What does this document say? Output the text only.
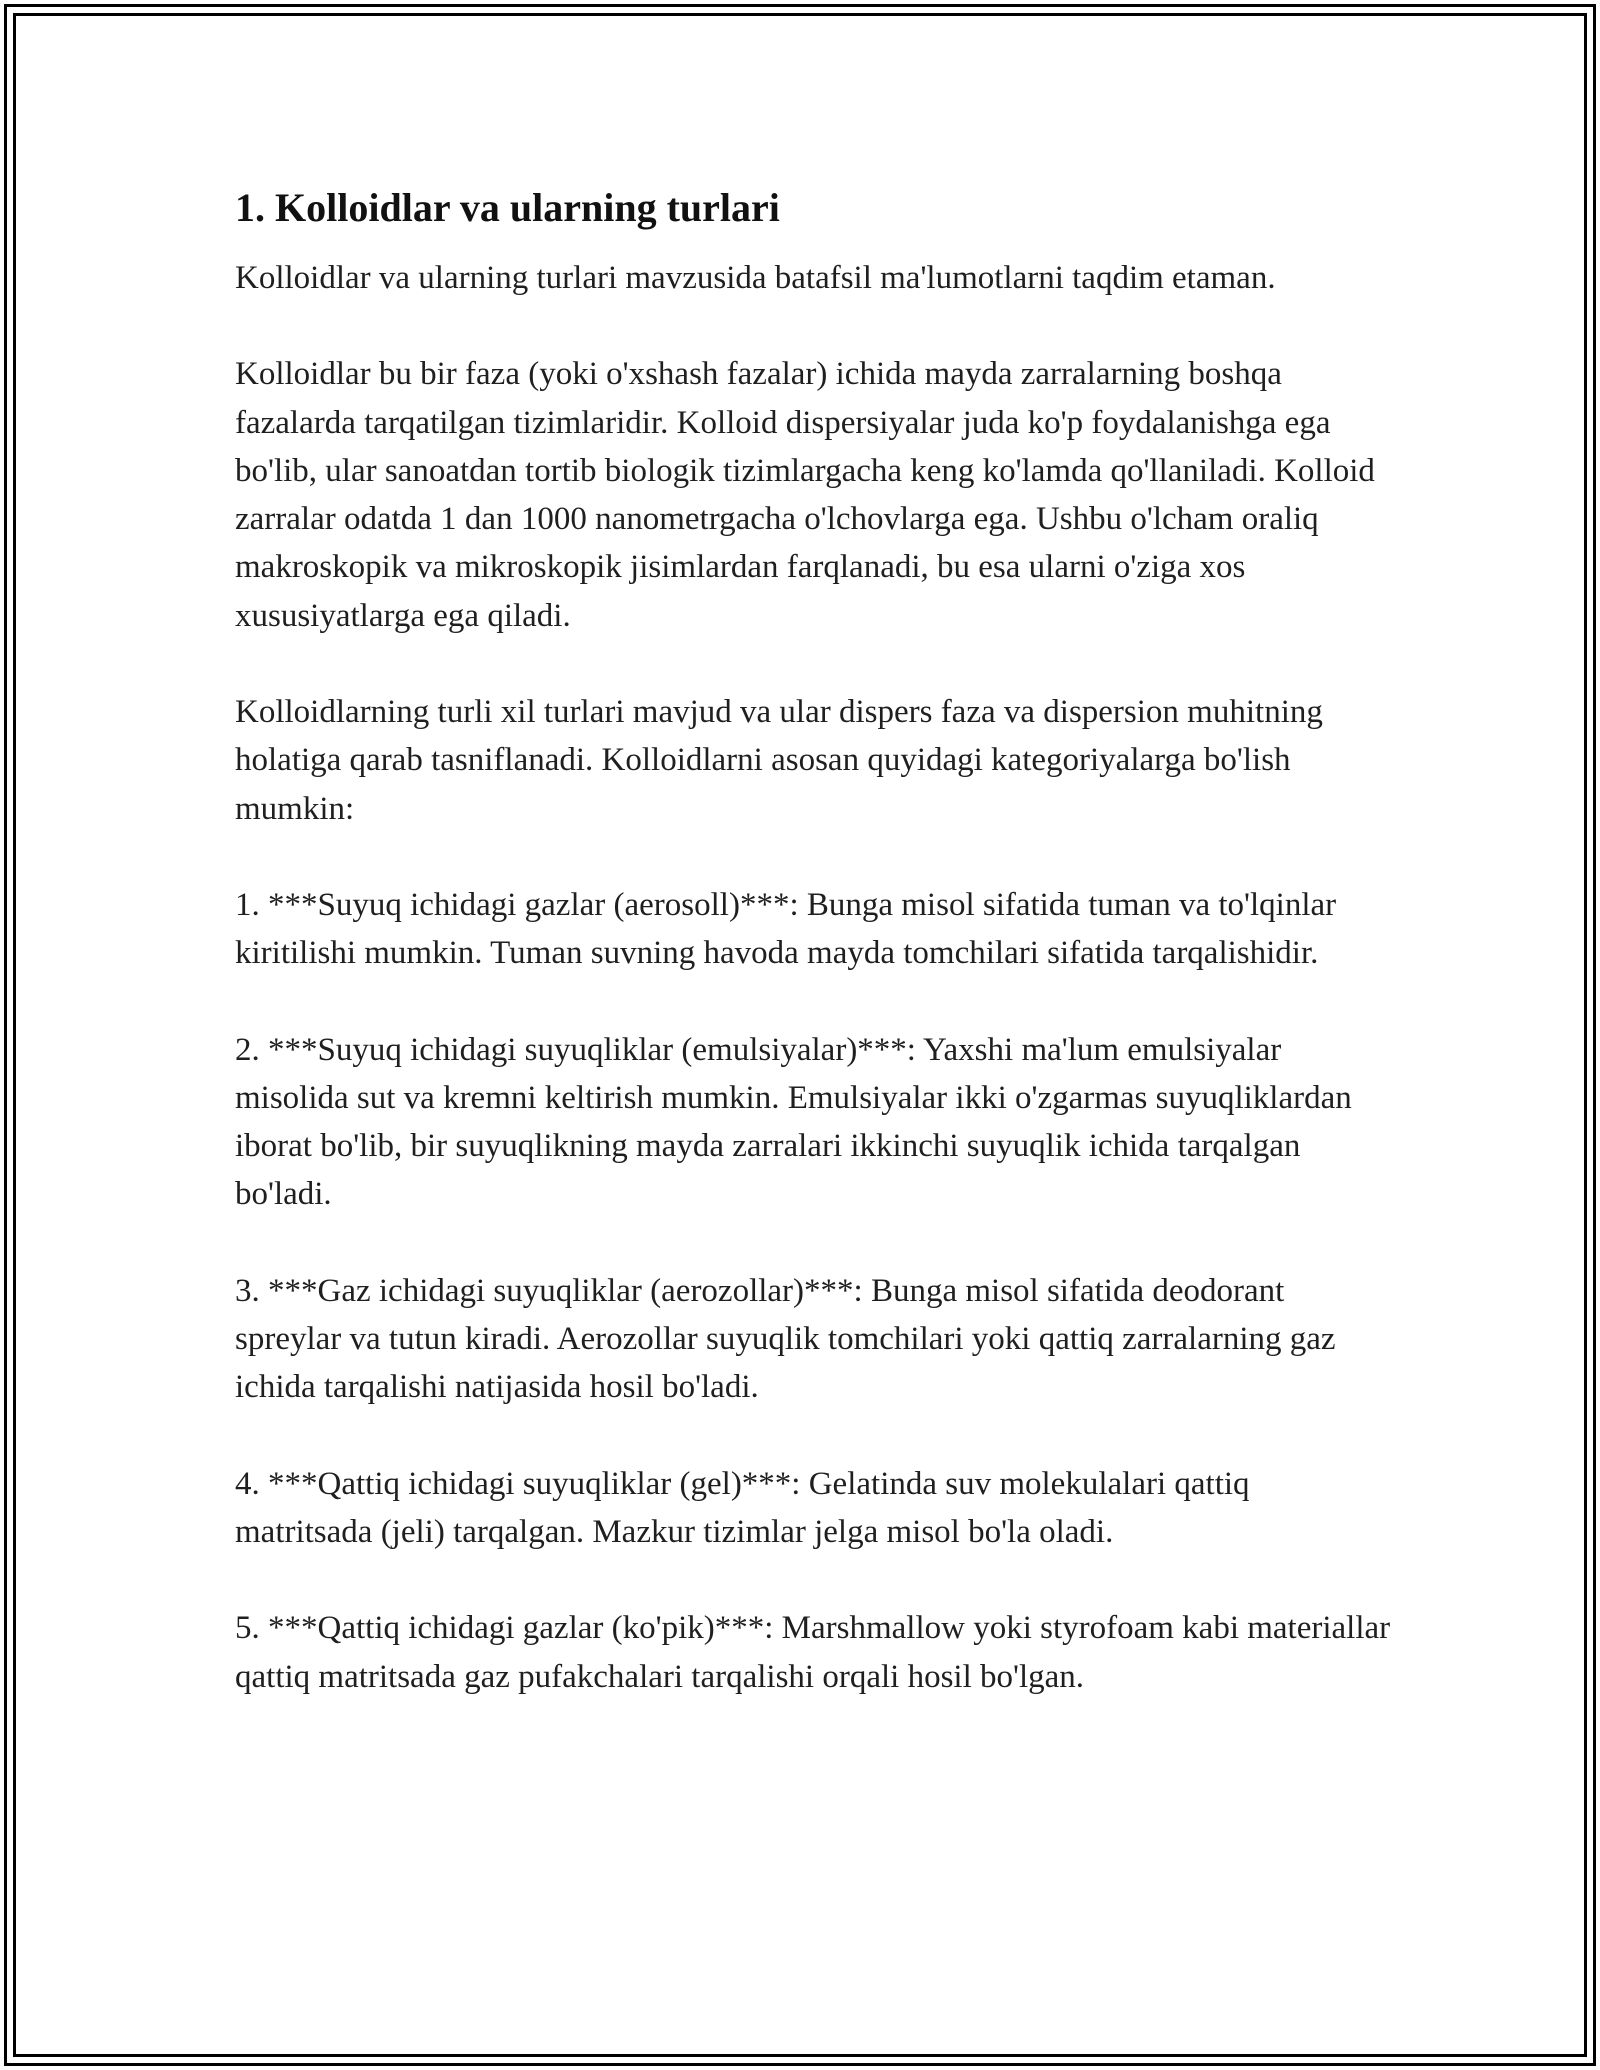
1. Kolloidlar va ularning turlari

Kolloidlar va ularning turlari mavzusida batafsil ma'lumotlarni taqdim etaman.

Kolloidlar bu bir faza (yoki o'xshash fazalar) ichida mayda zarralarning boshqa fazalarda tarqatilgan tizimlaridir. Kolloid dispersiyalar juda ko'p foydalanishga ega bo'lib, ular sanoatdan tortib biologik tizimlargacha keng ko'lamda qo'llaniladi. Kolloid zarralar odatda 1 dan 1000 nanometrgacha o'lchovlarga ega. Ushbu o'lcham oraliq makroskopik va mikroskopik jisimlardan farqlanadi, bu esa ularni o'ziga xos xususiyatlarga ega qiladi.

Kolloidlarning turli xil turlari mavjud va ular dispers faza va dispersion muhitning holatiga qarab tasniflanadi. Kolloidlarni asosan quyidagi kategoriyalarga bo'lish mumkin:

1. ***Suyuq ichidagi gazlar (aerosoll)***: Bunga misol sifatida tuman va to'lqinlar kiritilishi mumkin. Tuman suvning havoda mayda tomchilari sifatida tarqalishidir.

2. ***Suyuq ichidagi suyuqliklar (emulsiyalar)***: Yaxshi ma'lum emulsiyalar misolida sut va kremni keltirish mumkin. Emulsiyalar ikki o'zgarmas suyuqliklardan iborat bo'lib, bir suyuqlikning mayda zarralari ikkinchi suyuqlik ichida tarqalgan bo'ladi.

3. ***Gaz ichidagi suyuqliklar (aerozollar)***: Bunga misol sifatida deodorant spreylar va tutun kiradi. Aerozollar suyuqlik tomchilari yoki qattiq zarralarning gaz ichida tarqalishi natijasida hosil bo'ladi.

4. ***Qattiq ichidagi suyuqliklar (gel)***: Gelatinda suv molekulalari qattiq matritsada (jeli) tarqalgan. Mazkur tizimlar jelga misol bo'la oladi.

5. ***Qattiq ichidagi gazlar (ko'pik)***: Marshmallow yoki styrofoam kabi materiallar qattiq matritsada gaz pufakchalari tarqalishi orqali hosil bo'lgan.
